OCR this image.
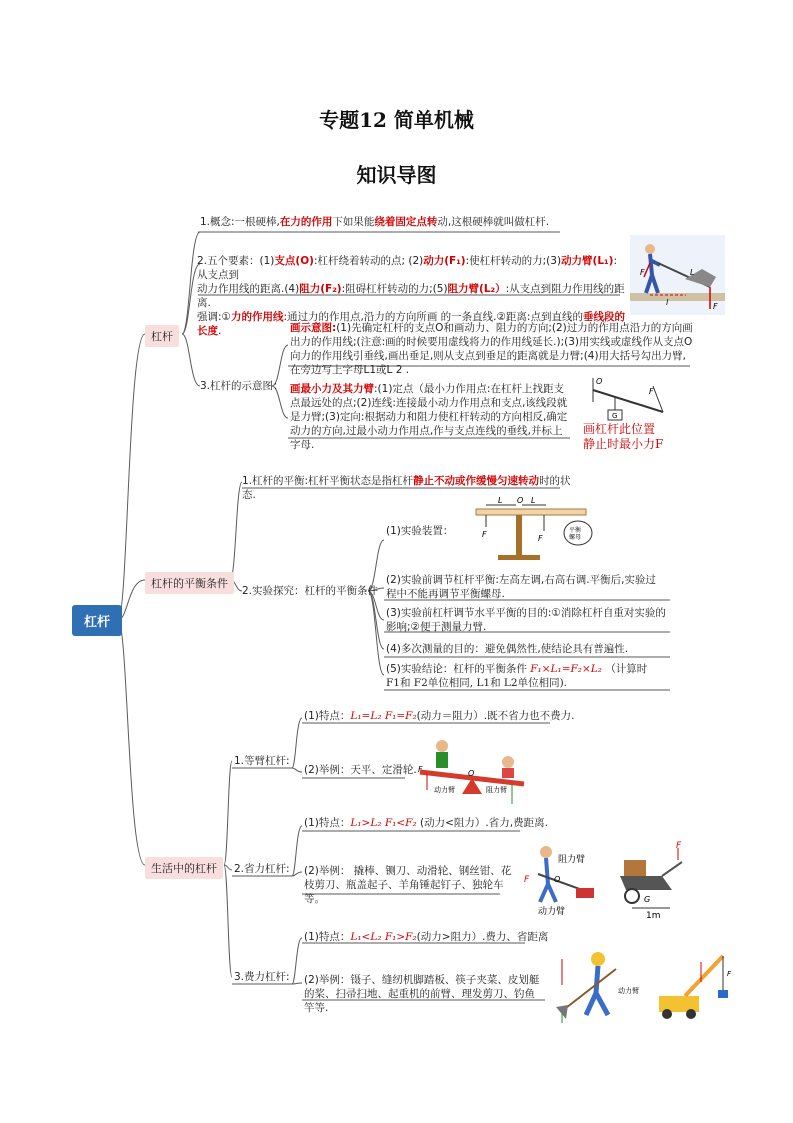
专题12 简单机械
知识导图
杠杆
杠杆
杠杆的平衡条件
生活中的杠杆
1.概念:一根硬棒,在力的作用下如果能绕着固定点转动,这根硬棒就叫做杠杆.
2.五个要素：(1)支点(O):杠杆绕着转动的点; (2)动力(F₁):使杠杆转动的力;(3)动力臂(L₁):从支点到
动力作用线的距离.(4)阻力(F₂):阻碍杠杆转动的力;(5)阻力臂(L₂）:从支点到阻力作用线的距离.
强调:①力的作用线:通过力的作用点,沿力的方向所画 的一条直线.②距离:点到直线的垂线段的长度.
F
F
l
L
3.杠杆的示意图：
画示意图:(1)先确定杠杆的支点O和画动力、阻力的方向;(2)过力的作用点沿力的方向画出力的作用线;(注意:画的时候要用虚线将力的作用线延长.);(3)用实线或虚线作从支点O向力的作用线引垂线,画出垂足,则从支点到垂足的距离就是力臂;(4)用大括号勾出力臂,在旁边写上字母L1或L 2 .
画最小力及其力臂:(1)定点（最小力作用点:在杠杆上找距支点最远处的点;(2)连线:连接最小动力作用点和支点,该线段就是力臂;(3)定向:根据动力和阻力使杠杆转动的方向相反,确定动力的方向,过最小动力作用点,作与支点连线的垂线,并标上字母.
O
F
G
画杠杆此位置
静止时最小力F
1.杠杆的平衡:杠杆平衡状态是指杠杆静止不动或作缓慢匀速转动时的状态.
2.实验探究：杠杆的平衡条件
(1)实验装置：
L O L
F	F
平衡
螺母
(2)实验前调节杠杆平衡:左高左调,右高右调.平衡后,实验过程中不能再调节平衡螺母.
(3)实验前杠杆调节水平平衡的目的:①消除杠杆自重对实验的影响;②便于测量力臂.
(4)多次测量的目的：避免偶然性,使结论具有普遍性.
(5)实验结论：杠杆的平衡条件 F₁×L₁=F₂×L₂ （计算时
F1和 F2单位相同, L1和 L2单位相同).
1.等臂杠杆:
(1)特点：L₁=L₂ F₁=F₂(动力＝阻力）.既不省力也不费力.
(2)举例：天平、定滑轮.	O
F
动力臂	阻力臂
2.省力杠杆:
(1)特点：L₁>L₂ F₁<F₂ (动力<阻力）.省力,费距离.
(2)举例： 撬棒、铡刀、动滑轮、钢丝钳、花枝剪刀、瓶盖起子、羊角锤起钉子、独轮车等。
F	O
阻力臂
动力臂
F
G
1m
3.费力杠杆:
(1)特点：L₁<L₂ F₁>F₂(动力>阻力）.费力、省距离
(2)举例：镊子、缝纫机脚踏板、筷子夹菜、皮划艇的桨、扫帚扫地、起重机的前臂、理发剪刀、钓鱼竿等.
动力臂
F
